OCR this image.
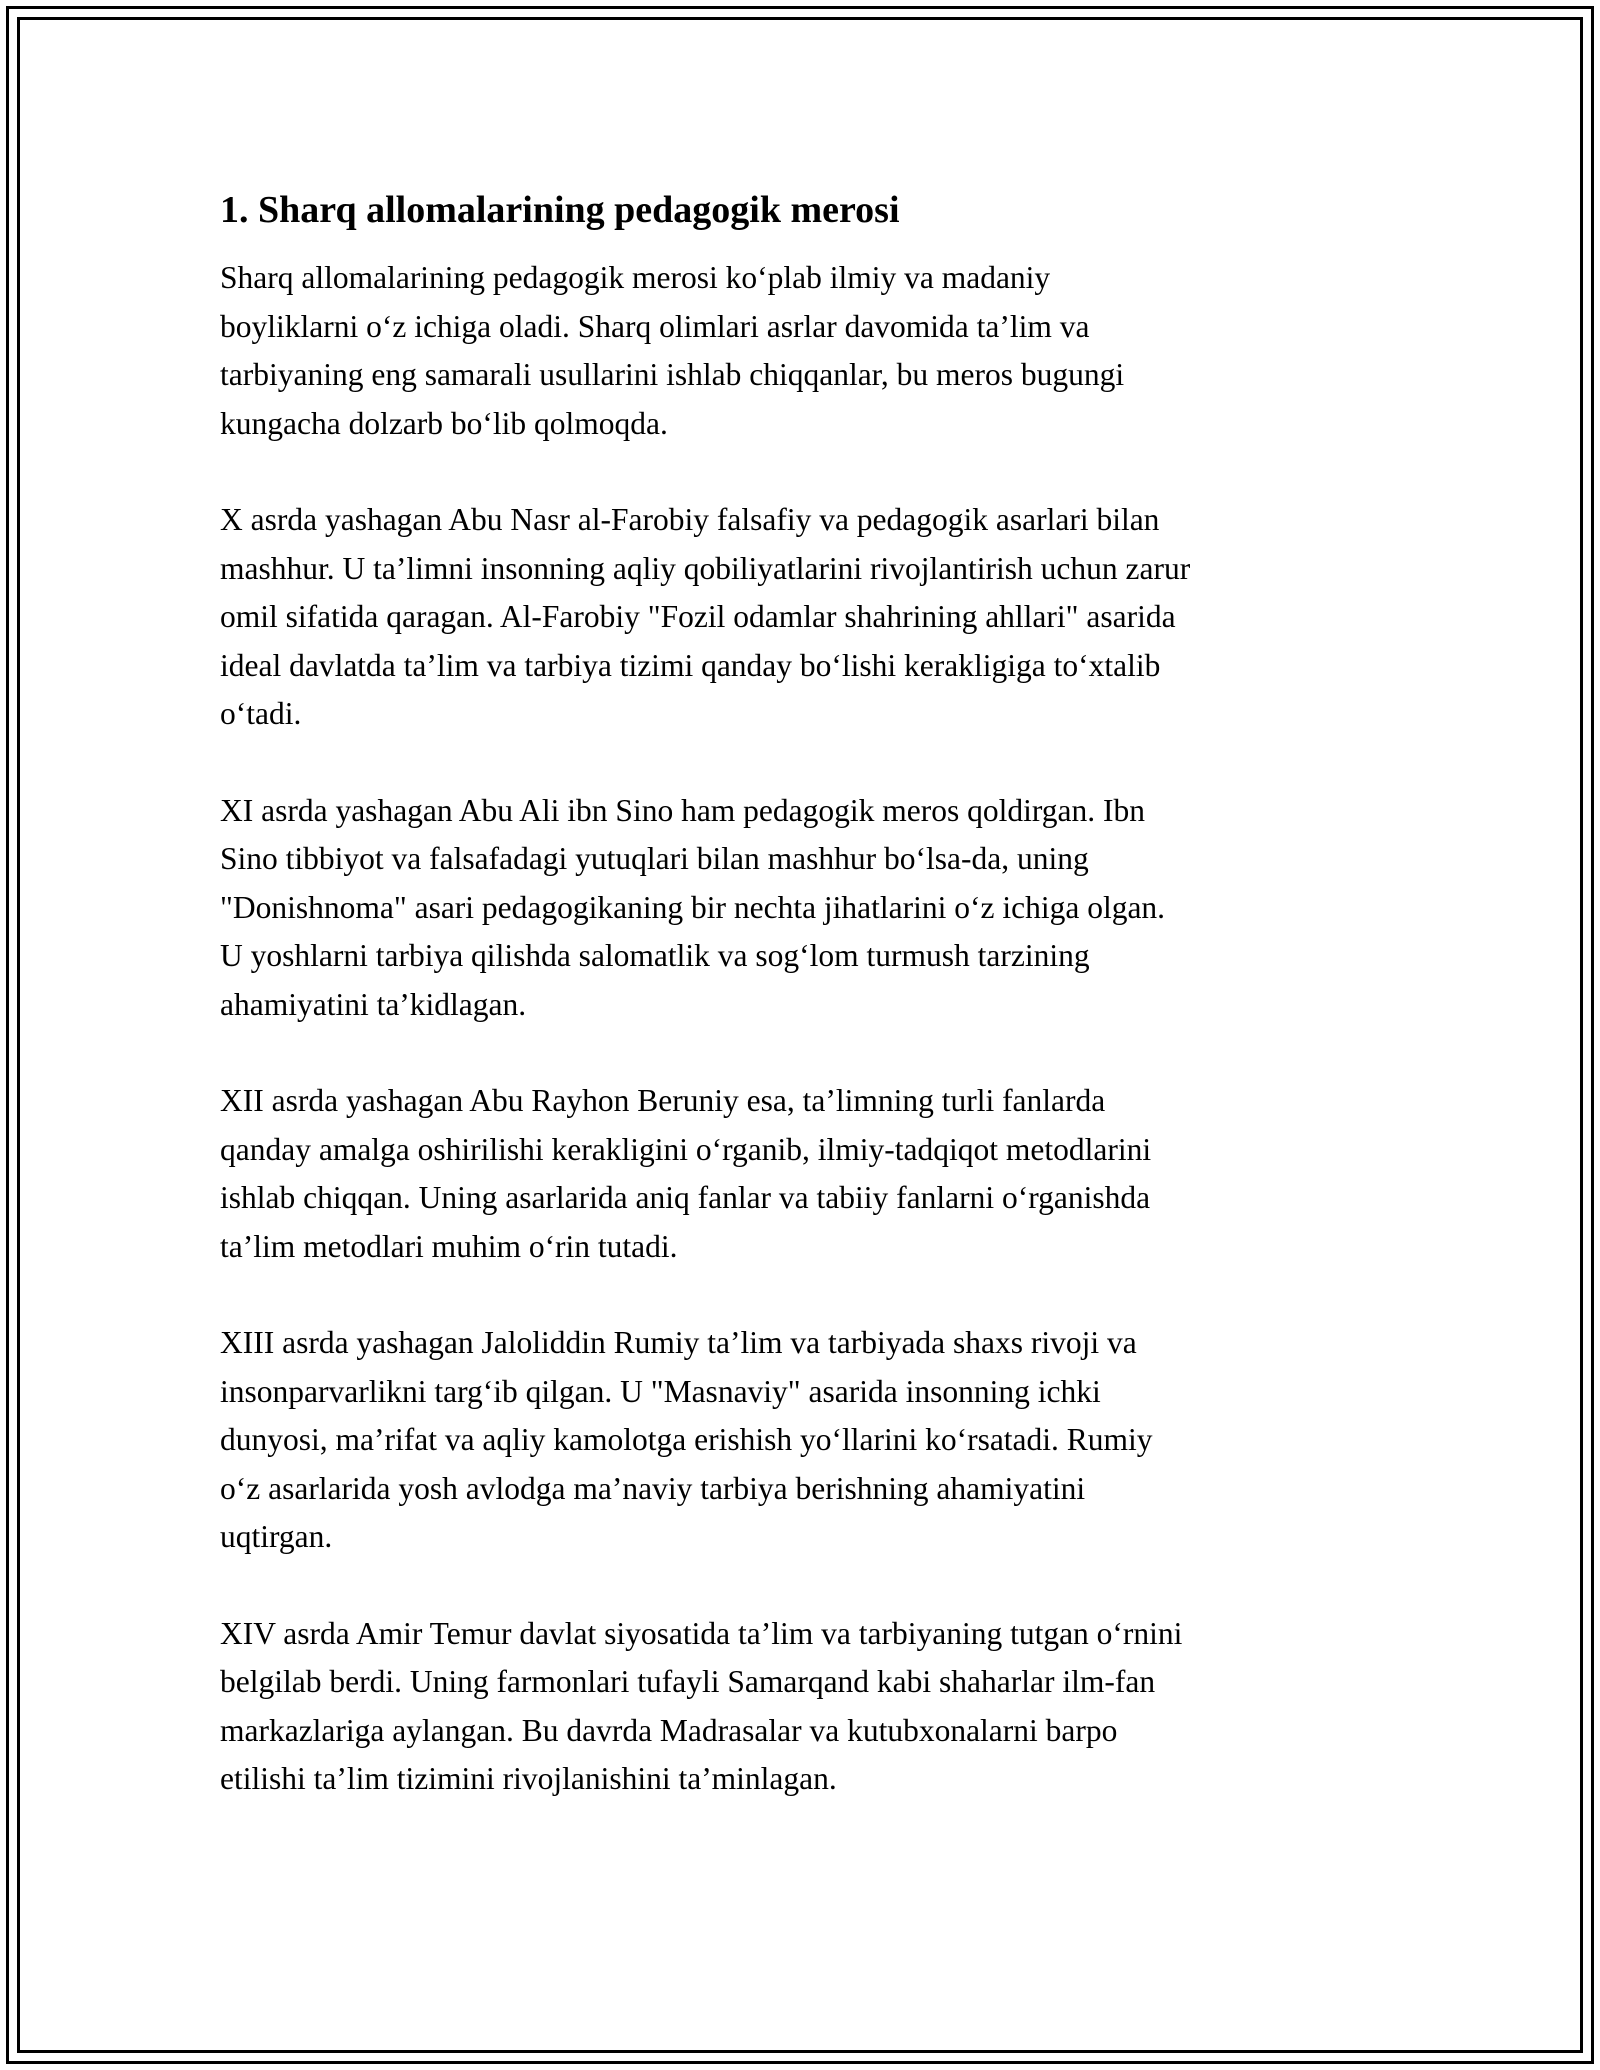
1. Sharq allomalarining pedagogik merosi
Sharq allomalarining pedagogik merosi ko‘plab ilmiy va madaniy
boyliklarni o‘z ichiga oladi. Sharq olimlari asrlar davomida ta’lim va
tarbiyaning eng samarali usullarini ishlab chiqqanlar, bu meros bugungi
kungacha dolzarb bo‘lib qolmoqda.
X asrda yashagan Abu Nasr al-Farobiy falsafiy va pedagogik asarlari bilan
mashhur. U ta’limni insonning aqliy qobiliyatlarini rivojlantirish uchun zarur
omil sifatida qaragan. Al-Farobiy "Fozil odamlar shahrining ahllari" asarida
ideal davlatda ta’lim va tarbiya tizimi qanday bo‘lishi kerakligiga to‘xtalib
o‘tadi.
XI asrda yashagan Abu Ali ibn Sino ham pedagogik meros qoldirgan. Ibn
Sino tibbiyot va falsafadagi yutuqlari bilan mashhur bo‘lsa-da, uning
"Donishnoma" asari pedagogikaning bir nechta jihatlarini o‘z ichiga olgan.
U yoshlarni tarbiya qilishda salomatlik va sog‘lom turmush tarzining
ahamiyatini ta’kidlagan.
XII asrda yashagan Abu Rayhon Beruniy esa, ta’limning turli fanlarda
qanday amalga oshirilishi kerakligini o‘rganib, ilmiy-tadqiqot metodlarini
ishlab chiqqan. Uning asarlarida aniq fanlar va tabiiy fanlarni o‘rganishda
ta’lim metodlari muhim o‘rin tutadi.
XIII asrda yashagan Jaloliddin Rumiy ta’lim va tarbiyada shaxs rivoji va
insonparvarlikni targ‘ib qilgan. U "Masnaviy" asarida insonning ichki
dunyosi, ma’rifat va aqliy kamolotga erishish yo‘llarini ko‘rsatadi. Rumiy
o‘z asarlarida yosh avlodga ma’naviy tarbiya berishning ahamiyatini
uqtirgan.
XIV asrda Amir Temur davlat siyosatida ta’lim va tarbiyaning tutgan o‘rnini
belgilab berdi. Uning farmonlari tufayli Samarqand kabi shaharlar ilm-fan
markazlariga aylangan. Bu davrda Madrasalar va kutubxonalarni barpo
etilishi ta’lim tizimini rivojlanishini ta’minlagan.
